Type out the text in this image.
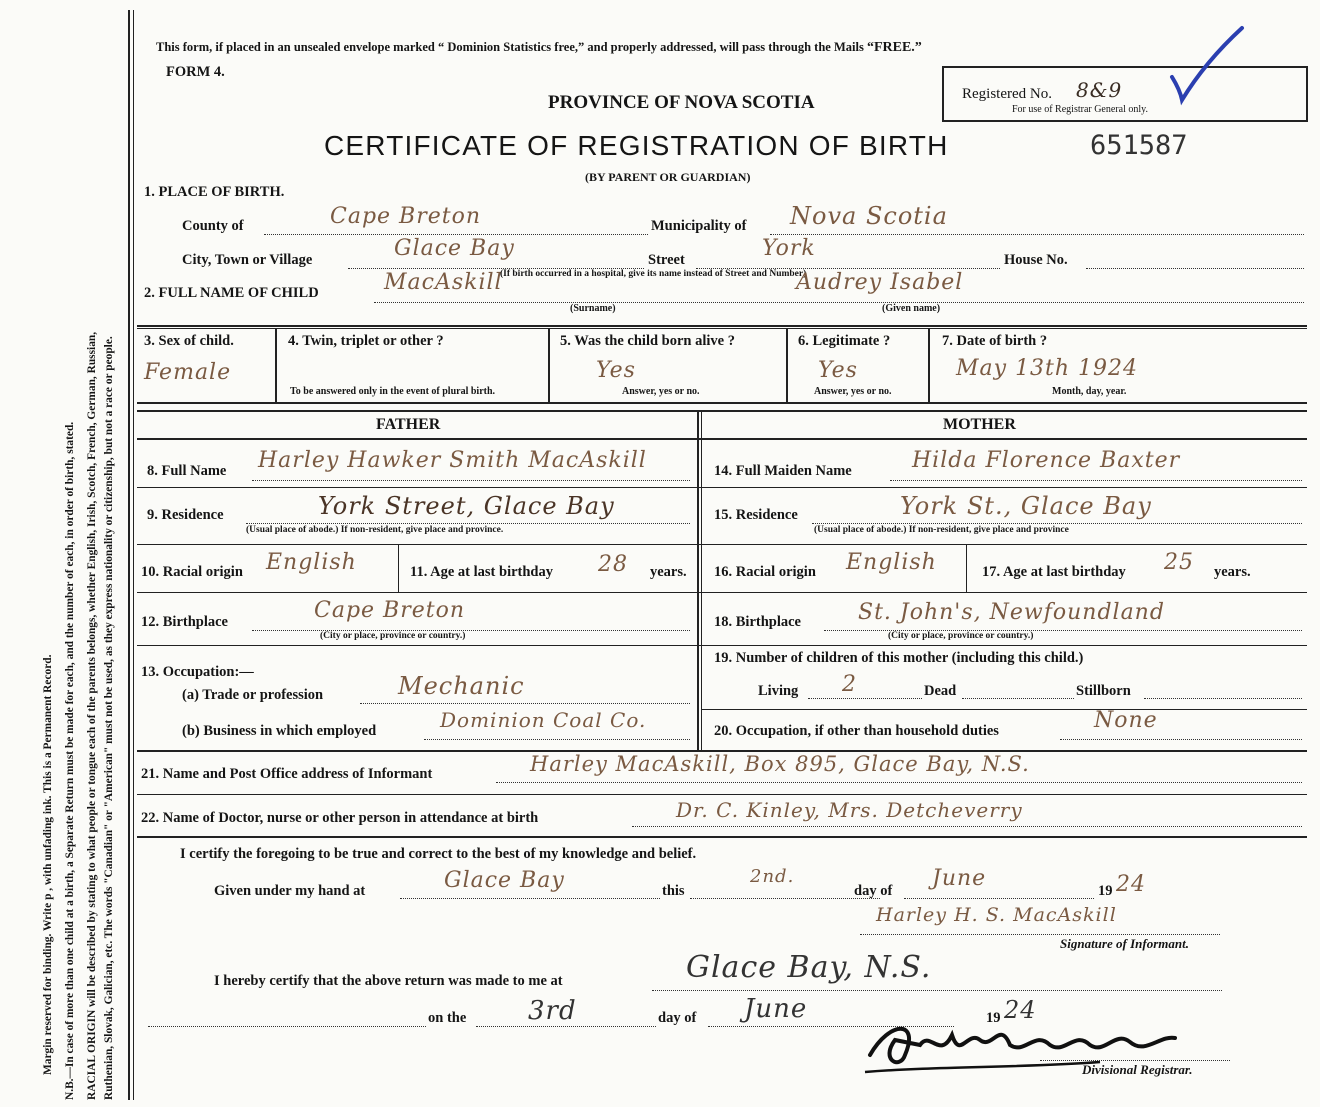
Margin reserved for binding. Write p , with unfading ink. This is a Permanent Record. N.B.—In case of more than one child at a birth, a Separate Return must be made for each, and the number of each, in order of birth, stated. RACIAL ORIGIN will be described by stating to what people or tongue each of the parents belongs, whether English, Irish, Scotch, French, German, Russian, Ruthenian, Slovak, Galician, etc. The words "Canadian" or "American" must not be used, as they express nationality or citizenship, but not a race or people.
This form, if placed in an unsealed envelope marked “ Dominion Statistics free,” and properly addressed, will pass through the Mails “FREE.”
FORM 4.
PROVINCE OF NOVA SCOTIA	Registered No. 8&9
For use of Registrar General only.
CERTIFICATE OF REGISTRATION OF BIRTH	651587
(BY PARENT OR GUARDIAN)
1. PLACE OF BIRTH.
County of	Cape Breton	Municipality of Nova Scotia
City, Town or Village	Glace Bay	Street	York	House No.
(If birth occurred in a hospital, give its name instead of Street and Number)
2. FULL NAME OF CHILD	MacAskill	Audrey Isabel
(Surname)	(Given name)
3. Sex of child.
Female
4. Twin, triplet or other ?
To be answered only in the event of plural birth.
5. Was the child born alive ?
Yes
Answer, yes or no.
6. Legitimate ?
Yes
Answer, yes or no.
7. Date of birth ?
May 13th 1924
Month, day, year.
FATHER	MOTHER
8. Full Name Harley Hawker Smith MacAskill
9. Residence	York Street, Glace Bay
(Usual place of abode.) If non-resident, give place and province.
10. Racial origin English	11. Age at last birthday 28 years.
12. Birthplace	Cape Breton
(City or place, province or country.)
13. Occupation:—
(a) Trade or profession	Mechanic
(b) Business in which employed	Dominion Coal Co.
14. Full Maiden Name	Hilda Florence Baxter
15. Residence	York St., Glace Bay
(Usual place of abode.) If non-resident, give place and province
16. Racial origin English	17. Age at last birthday 25 years.
18. Birthplace	St. John's, Newfoundland
(City or place, province or country.)
19. Number of children of this mother (including this child.)
Living 2	Dead	Stillborn
20. Occupation, if other than household duties	None
21. Name and Post Office address of Informant	Harley MacAskill, Box 895, Glace Bay, N.S.
22. Name of Doctor, nurse or other person in attendance at birth	Dr. C. Kinley, Mrs. Detcheverry
I certify the foregoing to be true and correct to the best of my knowledge and belief.
Given under my hand at	Glace Bay	this
2nd.
day of June	19 24
Harley H. S. MacAskill
Signature of Informant.
I hereby certify that the above return was made to me at	Glace Bay, N.S.
on the 3rd	day of June	19 24
Divisional Registrar.
